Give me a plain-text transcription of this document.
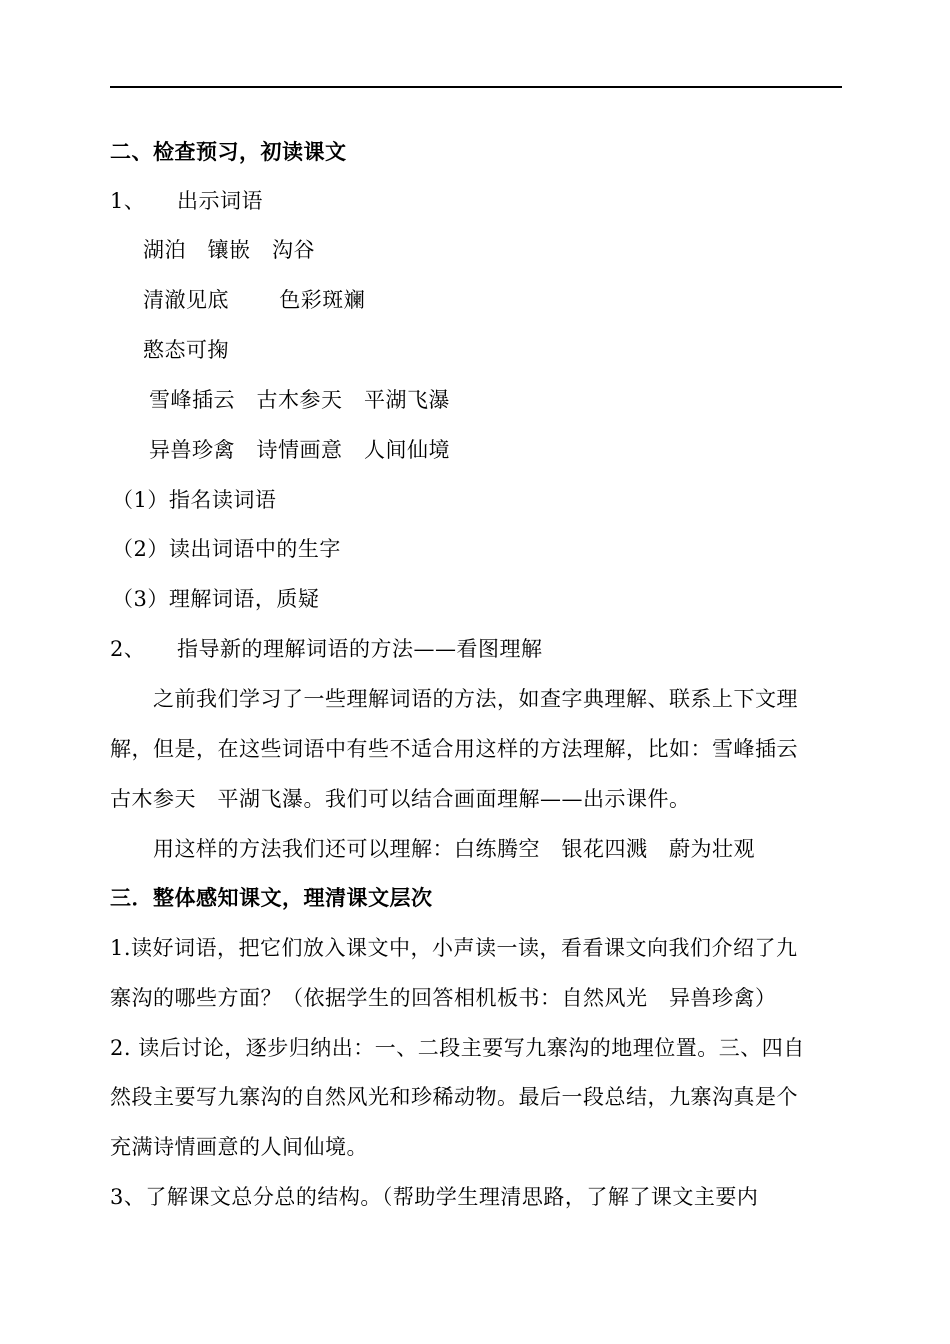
二、检查预习，初读课文
1、 出示词语
湖泊   镶嵌   沟谷
清澈见底       色彩斑斓
憨态可掬
雪峰插云   古木参天   平湖飞瀑
异兽珍禽   诗情画意   人间仙境
（1）指名读词语
（2）读出词语中的生字
（3）理解词语，质疑
2、 指导新的理解词语的方法——看图理解
之前我们学习了一些理解词语的方法，如查字典理解、联系上下文理
解，但是，在这些词语中有些不适合用这样的方法理解，比如：雪峰插云
古木参天   平湖飞瀑。我们可以结合画面理解——出示课件。
用这样的方法我们还可以理解：白练腾空   银花四溅   蔚为壮观
三．整体感知课文，理清课文层次
1.读好词语，把它们放入课文中，小声读一读，看看课文向我们介绍了九
寨沟的哪些方面？（依据学生的回答相机板书：自然风光   异兽珍禽）
2. 读后讨论，逐步归纳出：一、二段主要写九寨沟的地理位置。三、四自
然段主要写九寨沟的自然风光和珍稀动物。最后一段总结，九寨沟真是个
充满诗情画意的人间仙境。
3、了解课文总分总的结构。（帮助学生理清思路，了解了课文主要内
